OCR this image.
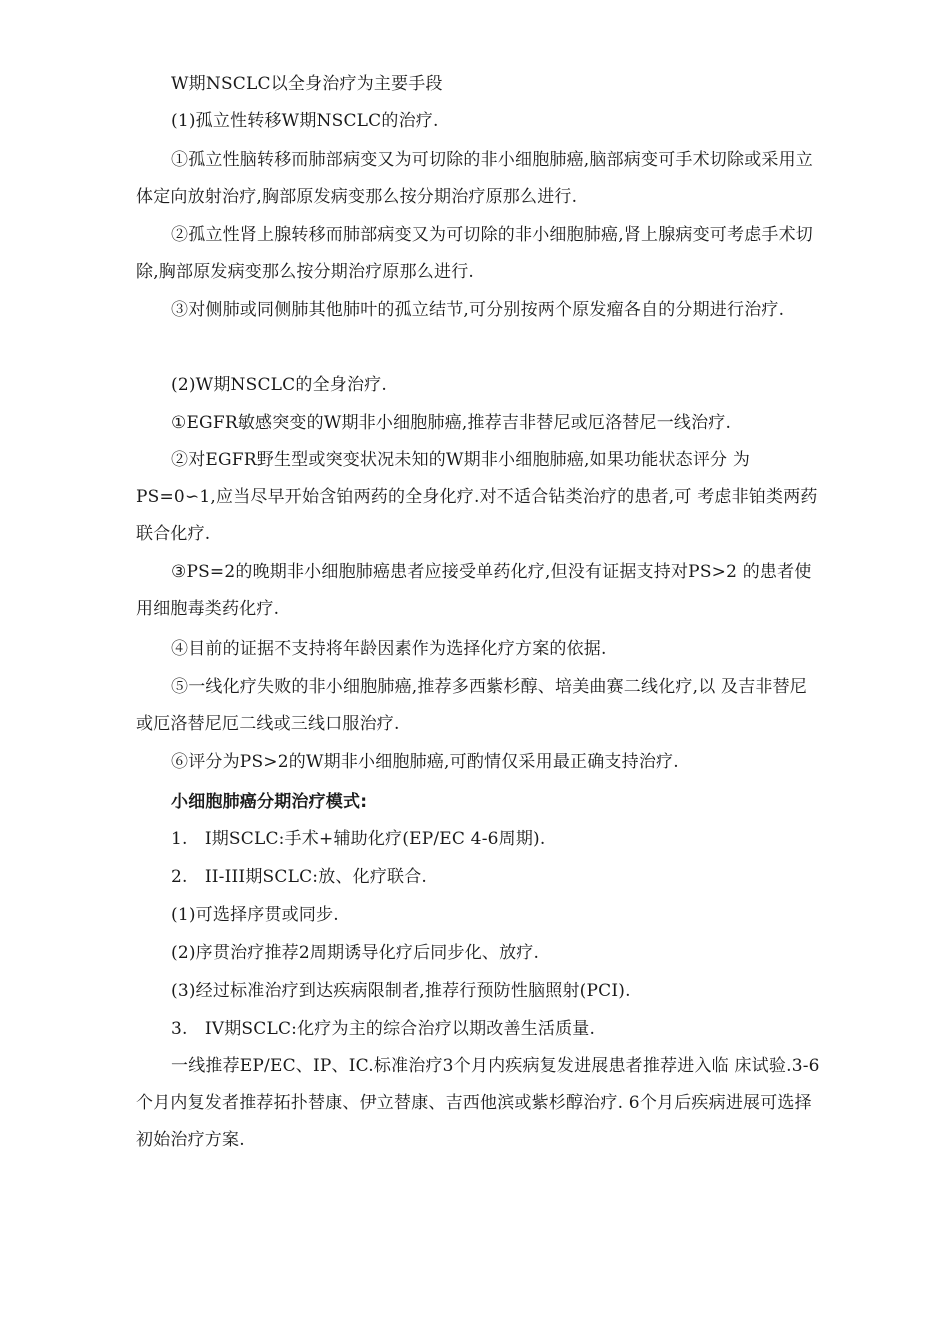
W期NSCLC以全身治疗为主要手段

(1)孤立性转移W期NSCLC的治疗.

①孤立性脑转移而肺部病变又为可切除的非小细胞肺癌,脑部病变可手术切除或采用立体定向放射治疗,胸部原发病变那么按分期治疗原那么进行.

②孤立性肾上腺转移而肺部病变又为可切除的非小细胞肺癌,肾上腺病变可考虑手术切除,胸部原发病变那么按分期治疗原那么进行.

③对侧肺或同侧肺其他肺叶的孤立结节,可分别按两个原发瘤各自的分期进行治疗.

(2)W期NSCLC的全身治疗.

①EGFR敏感突变的W期非小细胞肺癌,推荐吉非替尼或厄洛替尼一线治疗.

②对EGFR野生型或突变状况未知的W期非小细胞肺癌,如果功能状态评分 为PS=0∽1,应当尽早开始含铂两药的全身化疗.对不适合钻类治疗的患者,可 考虑非铂类两药联合化疗.

③PS=2的晚期非小细胞肺癌患者应接受单药化疗,但没有证据支持对PS>2 的患者使用细胞毒类药化疗.

④目前的证据不支持将年龄因素作为选择化疗方案的依据.

⑤一线化疗失败的非小细胞肺癌,推荐多西紫杉醇、培美曲赛二线化疗,以 及吉非替尼或厄洛替尼厄二线或三线口服治疗.

⑥评分为PS>2的W期非小细胞肺癌,可酌情仅采用最正确支持治疗.

小细胞肺癌分期治疗模式:

1.　I期SCLC:手术+辅助化疗(EP/EC 4-6周期).

2.　II-III期SCLC:放、化疗联合.

(1)可选择序贯或同步.

(2)序贯治疗推荐2周期诱导化疗后同步化、放疗.

(3)经过标准治疗到达疾病限制者,推荐行预防性脑照射(PCI).

3.　IV期SCLC:化疗为主的综合治疗以期改善生活质量.

一线推荐EP/EC、IP、IC.标准治疗3个月内疾病复发进展患者推荐进入临 床试验.3-6个月内复发者推荐拓扑替康、伊立替康、吉西他滨或紫杉醇治疗. 6个月后疾病进展可选择初始治疗方案.
